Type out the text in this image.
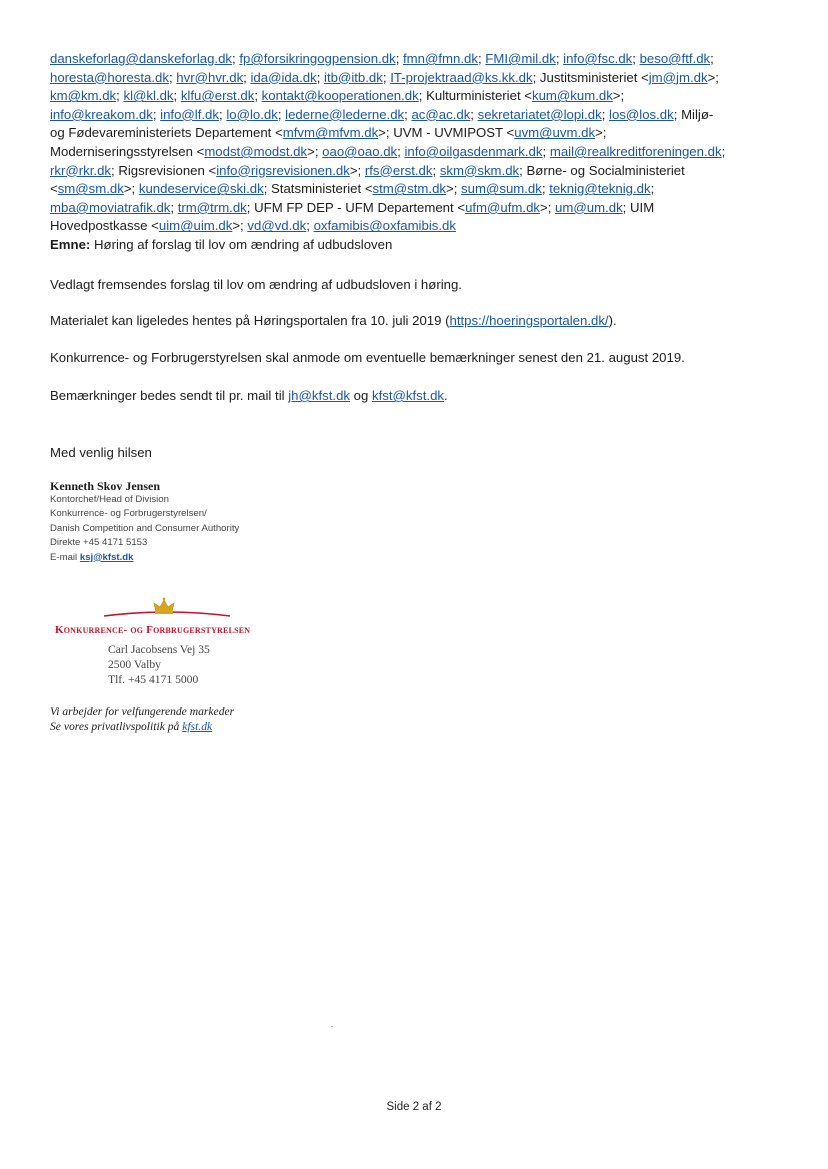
danskeforlag@danskeforlag.dk; fp@forsikringogpension.dk; fmn@fmn.dk; FMI@mil.dk; info@fsc.dk; beso@ftf.dk;
horesta@horesta.dk; hvr@hvr.dk; ida@ida.dk; itb@itb.dk; IT-projektraad@ks.kk.dk; Justitsministeriet <jm@jm.dk>;
km@km.dk; kl@kl.dk; klfu@erst.dk; kontakt@kooperationen.dk; Kulturministeriet <kum@kum.dk>;
info@kreakom.dk; info@lf.dk; lo@lo.dk; lederne@lederne.dk; ac@ac.dk; sekretariatet@lopi.dk; los@los.dk; Miljø-
og Fødevareministeriets Departement <mfvm@mfvm.dk>; UVM - UVMIPOST <uvm@uvm.dk>;
Moderniseringsstyrelsen <modst@modst.dk>; oao@oao.dk; info@oilgasdenmark.dk; mail@realkreditforeningen.dk;
rkr@rkr.dk; Rigsrevisionen <info@rigsrevisionen.dk>; rfs@erst.dk; skm@skm.dk; Børne- og Socialministeriet
<sm@sm.dk>; kundeservice@ski.dk; Statsministeriet <stm@stm.dk>; sum@sum.dk; teknig@teknig.dk;
mba@moviatrafik.dk; trm@trm.dk; UFM FP DEP - UFM Departement <ufm@ufm.dk>; um@um.dk; UIM
Hovedpostkasse <uim@uim.dk>; vd@vd.dk; oxfamibis@oxfamibis.dk
Emne: Høring af forslag til lov om ændring af udbudsloven
Vedlagt fremsendes forslag til lov om ændring af udbudsloven i høring.
Materialet kan ligeledes hentes på Høringsportalen fra 10. juli 2019 (https://hoeringsportalen.dk/).
Konkurrence- og Forbrugerstyrelsen skal anmode om eventuelle bemærkninger senest den 21. august 2019.
Bemærkninger bedes sendt til pr. mail til jh@kfst.dk og kfst@kfst.dk.
Med venlig hilsen
Kenneth Skov Jensen
Kontorchef/Head of Division
Konkurrence- og Forbrugerstyrelsen/
Danish Competition and Consumer Authority
Direkte +45 4171 5153
E-mail ksj@kfst.dk
Konkurrence- og Forbrugerstyrelsen
Carl Jacobsens Vej 35
2500 Valby
Tlf. +45 4171 5000
Vi arbejder for velfungerende markeder
Se vores privatlivspolitik på kfst.dk
Side 2 af 2
